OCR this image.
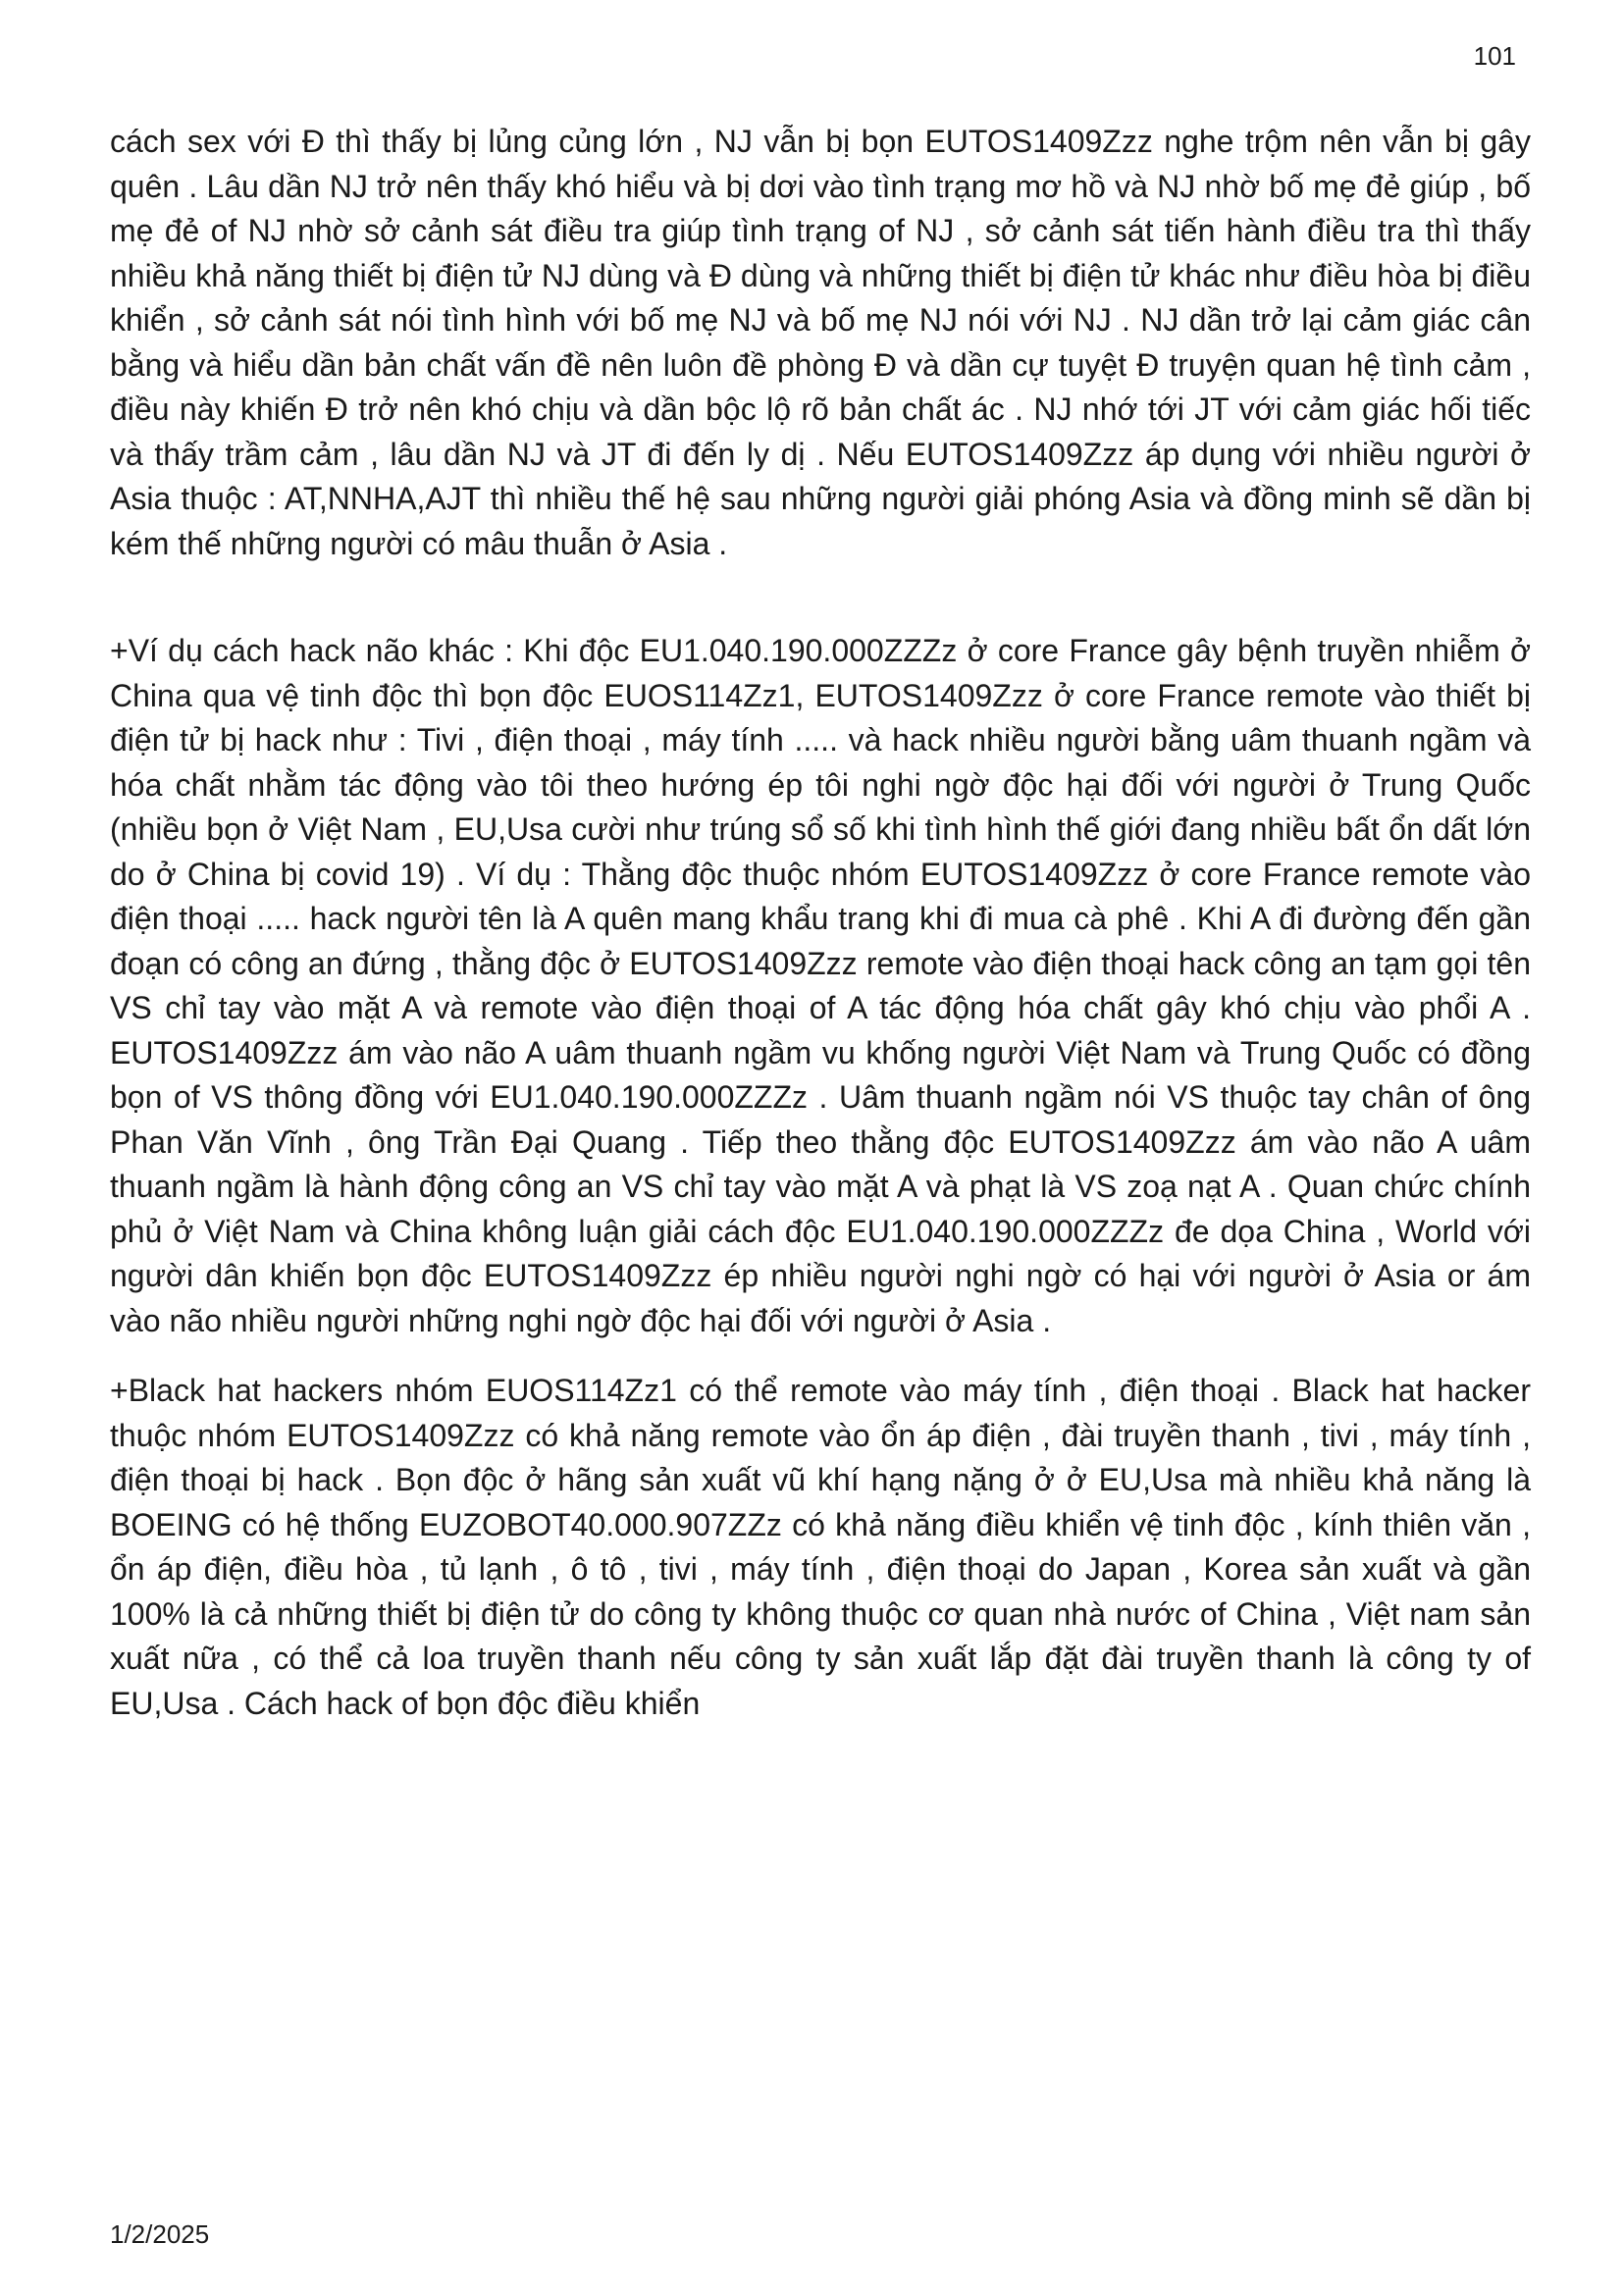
101

cách sex với Đ thì thấy bị lủng củng lớn , NJ vẫn bị bọn EUTOS1409Zzz nghe trộm nên vẫn bị gây quên . Lâu dần NJ trở nên thấy khó hiểu và bị dơi vào tình trạng mơ hồ và NJ nhờ bố mẹ đẻ giúp , bố mẹ đẻ of NJ nhờ sở cảnh sát điều tra giúp tình trạng of NJ , sở cảnh sát tiến hành điều tra thì thấy nhiều khả năng thiết bị điện tử NJ dùng và Đ dùng và những thiết bị điện tử khác như điều hòa bị điều khiển , sở cảnh sát nói tình hình với bố mẹ NJ và bố mẹ NJ nói với NJ . NJ dần trở lại cảm giác cân bằng và hiểu dần bản chất vấn đề nên luôn đề phòng Đ và dần cự tuyệt Đ truyện quan hệ tình cảm , điều này khiến Đ trở nên khó chịu và dần bộc lộ rõ bản chất ác . NJ nhớ tới JT với cảm giác hối tiếc và thấy trầm cảm , lâu dần NJ và JT đi đến ly dị . Nếu EUTOS1409Zzz áp dụng với nhiều người ở Asia thuộc : AT,NNHA,AJT thì nhiều thế hệ sau những người giải phóng Asia và đồng minh sẽ dần bị kém thế những người có mâu thuẫn ở Asia .

+Ví dụ cách hack não khác : Khi độc EU1.040.190.000ZZZz ở core France gây bệnh truyền nhiễm ở China qua vệ tinh độc thì bọn độc EUOS114Zz1, EUTOS1409Zzz ở core France remote vào thiết bị điện tử bị hack như : Tivi , điện thoại , máy tính ..... và hack nhiều người bằng uâm thuanh ngầm và hóa chất nhằm tác động vào tôi theo hướng ép tôi nghi ngờ độc hại đối với người ở Trung Quốc (nhiều bọn ở Việt Nam , EU,Usa cười như trúng sổ số khi tình hình thế giới đang nhiều bất ổn dất lớn do ở China bị covid 19) . Ví dụ : Thằng độc thuộc nhóm EUTOS1409Zzz ở core France remote vào điện thoại ..... hack người tên là A quên mang khẩu trang khi đi mua cà phê . Khi A đi đường đến gần đoạn có công an đứng , thằng độc ở EUTOS1409Zzz remote vào điện thoại hack công an tạm gọi tên VS chỉ tay vào mặt A và remote vào điện thoại of A tác động hóa chất gây khó chịu vào phổi A . EUTOS1409Zzz ám vào não A uâm thuanh ngầm vu khống người Việt Nam và Trung Quốc có đồng bọn of VS thông đồng với EU1.040.190.000ZZZz . Uâm thuanh ngầm nói VS thuộc tay chân of ông Phan Văn Vĩnh , ông Trần Đại Quang . Tiếp theo thằng độc EUTOS1409Zzz ám vào não A uâm thuanh ngầm là hành động công an VS chỉ tay vào mặt A và phạt là VS zoạ nạt A . Quan chức chính phủ ở Việt Nam và China không luận giải cách độc EU1.040.190.000ZZZz đe dọa China , World với người dân khiến bọn độc EUTOS1409Zzz ép nhiều người nghi ngờ có hại với người ở Asia or ám vào não nhiều người những nghi ngờ độc hại đối với người ở Asia .

+Black hat hackers nhóm EUOS114Zz1 có thể remote vào máy tính , điện thoại . Black hat hacker thuộc nhóm EUTOS1409Zzz có khả năng remote vào ổn áp điện , đài truyền thanh , tivi , máy tính , điện thoại bị hack . Bọn độc ở hãng sản xuất vũ khí hạng nặng ở ở EU,Usa mà nhiều khả năng là BOEING có hệ thống EUZOBOT40.000.907ZZz có khả năng điều khiển vệ tinh độc , kính thiên văn , ổn áp điện, điều hòa , tủ lạnh , ô tô , tivi , máy tính , điện thoại do Japan , Korea sản xuất và gần 100% là cả những thiết bị điện tử do công ty không thuộc cơ quan nhà nước of China , Việt nam sản xuất nữa , có thể cả loa truyền thanh nếu công ty sản xuất lắp đặt đài truyền thanh là công ty of EU,Usa . Cách hack of bọn độc điều khiển

1/2/2025
